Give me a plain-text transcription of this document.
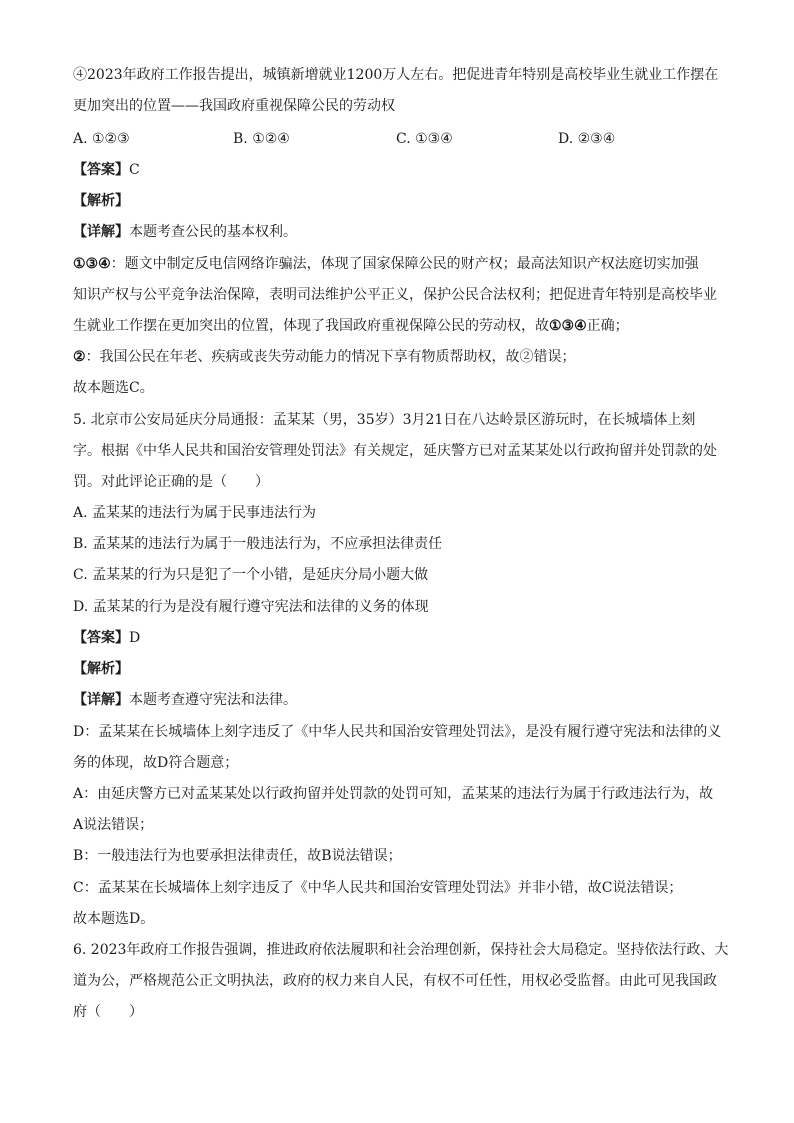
④2023年政府工作报告提出，城镇新增就业1200万人左右。把促进青年特别是高校毕业生就业工作摆在
更加突出的位置——我国政府重视保障公民的劳动权
A. ①②③	B. ①②④	C. ①③④	D. ②③④
【答案】C
【解析】
【详解】本题考查公民的基本权利。
①③④：题文中制定反电信网络诈骗法，体现了国家保障公民的财产权；最高法知识产权法庭切实加强
知识产权与公平竞争法治保障，表明司法维护公平正义，保护公民合法权利；把促进青年特别是高校毕业
生就业工作摆在更加突出的位置，体现了我国政府重视保障公民的劳动权，故①③④正确；
②：我国公民在年老、疾病或丧失劳动能力的情况下享有物质帮助权，故②错误；
故本题选C。
5. 北京市公安局延庆分局通报：孟某某（男，35岁）3月21日在八达岭景区游玩时，在长城墙体上刻
字。根据《中华人民共和国治安管理处罚法》有关规定，延庆警方已对孟某某处以行政拘留并处罚款的处
罚。对此评论正确的是（　　）
A. 孟某某的违法行为属于民事违法行为
B. 孟某某的违法行为属于一般违法行为，不应承担法律责任
C. 孟某某的行为只是犯了一个小错，是延庆分局小题大做
D. 孟某某的行为是没有履行遵守宪法和法律的义务的体现
【答案】D
【解析】
【详解】本题考查遵守宪法和法律。
D：孟某某在长城墙体上刻字违反了《中华人民共和国治安管理处罚法》，是没有履行遵守宪法和法律的义
务的体现，故D符合题意；
A：由延庆警方已对孟某某处以行政拘留并处罚款的处罚可知，孟某某的违法行为属于行政违法行为，故
A说法错误；
B：一般违法行为也要承担法律责任，故B说法错误；
C：孟某某在长城墙体上刻字违反了《中华人民共和国治安管理处罚法》并非小错，故C说法错误；
故本题选D。
6. 2023年政府工作报告强调，推进政府依法履职和社会治理创新，保持社会大局稳定。坚持依法行政、大
道为公，严格规范公正文明执法，政府的权力来自人民，有权不可任性，用权必受监督。由此可见我国政
府（　　）
